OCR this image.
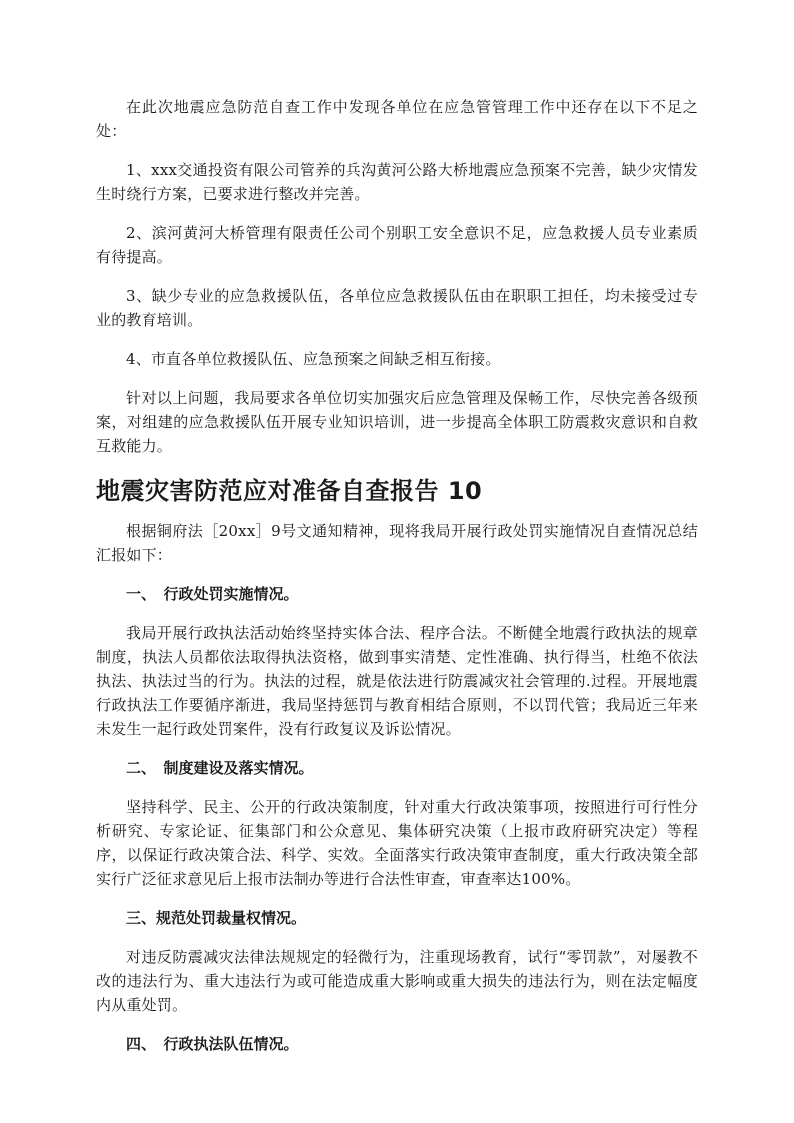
在此次地震应急防范自查工作中发现各单位在应急管管理工作中还存在以下不足之处：

1、xxx交通投资有限公司管养的兵沟黄河公路大桥地震应急预案不完善，缺少灾情发生时绕行方案，已要求进行整改并完善。

2、滨河黄河大桥管理有限责任公司个别职工安全意识不足，应急救援人员专业素质有待提高。

3、缺少专业的应急救援队伍，各单位应急救援队伍由在职职工担任，均未接受过专业的教育培训。

4、市直各单位救援队伍、应急预案之间缺乏相互衔接。

针对以上问题，我局要求各单位切实加强灾后应急管理及保畅工作，尽快完善各级预案，对组建的应急救援队伍开展专业知识培训，进一步提高全体职工防震救灾意识和自救互救能力。

地震灾害防范应对准备自查报告 10

根据铜府法［20xx］9号文通知精神，现将我局开展行政处罚实施情况自查情况总结汇报如下：

一、　行政处罚实施情况。

我局开展行政执法活动始终坚持实体合法、程序合法。不断健全地震行政执法的规章制度，执法人员都依法取得执法资格，做到事实清楚、定性准确、执行得当，杜绝不依法执法、执法过当的行为。执法的过程，就是依法进行防震减灾社会管理的.过程。开展地震行政执法工作要循序渐进，我局坚持惩罚与教育相结合原则，不以罚代管；我局近三年来未发生一起行政处罚案件，没有行政复议及诉讼情况。

二、　制度建设及落实情况。

坚持科学、民主、公开的行政决策制度，针对重大行政决策事项，按照进行可行性分析研究、专家论证、征集部门和公众意见、集体研究决策（上报市政府研究决定）等程序，以保证行政决策合法、科学、实效。全面落实行政决策审查制度，重大行政决策全部实行广泛征求意见后上报市法制办等进行合法性审查，审查率达100%。

三、规范处罚裁量权情况。

对违反防震减灾法律法规规定的轻微行为，注重现场教育，试行“零罚款”，对屡教不改的违法行为、重大违法行为或可能造成重大影响或重大损失的违法行为，则在法定幅度内从重处罚。

四、　行政执法队伍情况。
